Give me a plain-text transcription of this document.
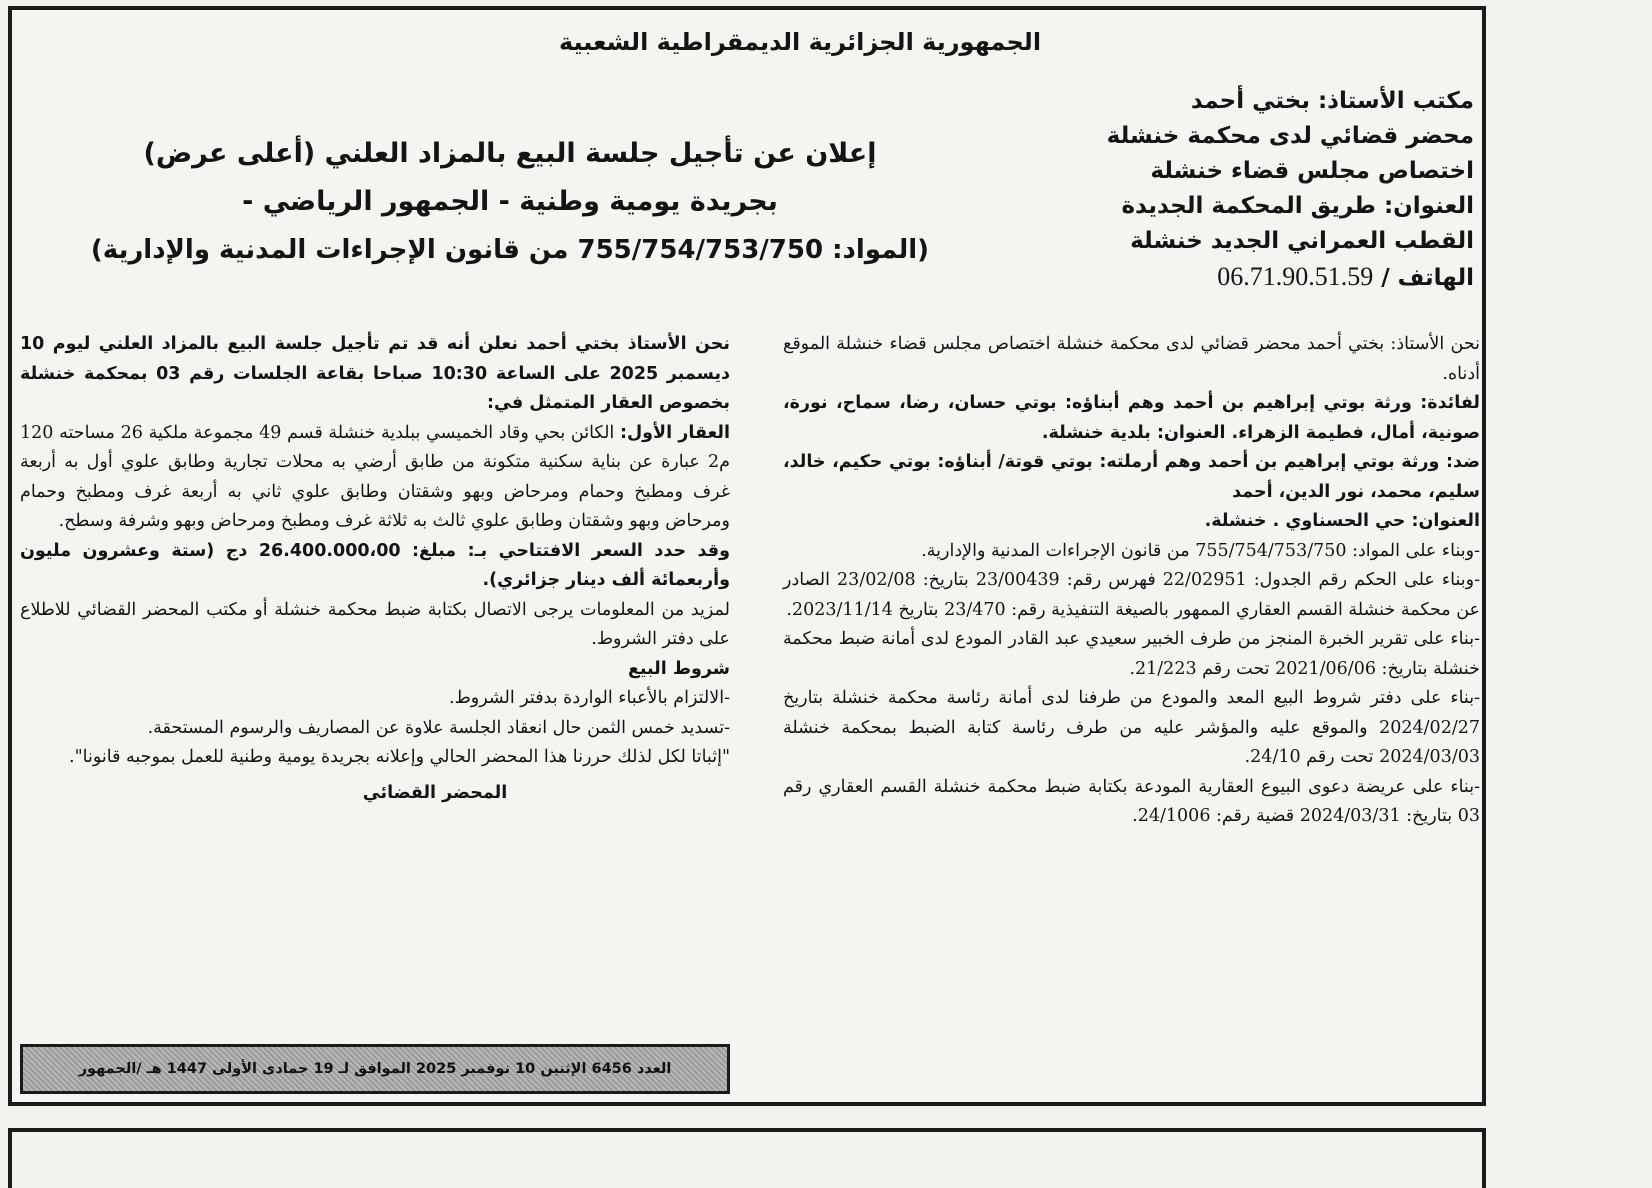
الجمهورية الجزائرية الديمقراطية الشعبية
مكتب الأستاذ: بختي أحمد
محضر قضائي لدى محكمة خنشلة
اختصاص مجلس قضاء خنشلة
العنوان: طريق المحكمة الجديدة
القطب العمراني الجديد خنشلة
الهاتف / 06.71.90.51.59
إعلان عن تأجيل جلسة البيع بالمزاد العلني (أعلى عرض)
بجريدة يومية وطنية - الجمهور الرياضي -
(المواد: 755/754/753/750 من قانون الإجراءات المدنية والإدارية)

نحن الأستاذ: بختي أحمد محضر قضائي لدى محكمة خنشلة اختصاص مجلس قضاء خنشلة الموقع أدناه.

لفائدة: ورثة بوتي إبراهيم بن أحمد وهم أبناؤه: بوتي حسان، رضا، سماح، نورة، صونية، أمال، فطيمة الزهراء. العنوان: بلدية خنشلة.

ضد: ورثة بوتي إبراهيم بن أحمد وهم أرملته: بوتي قوتة/ أبناؤه: بوتي حكيم، خالد، سليم، محمد، نور الدين، أحمد

العنوان: حي الحسناوي . خنشلة.

-وبناء على المواد: 755/754/753/750 من قانون الإجراءات المدنية والإدارية.

-وبناء على الحكم رقم الجدول: 22/02951 فهرس رقم: 23/00439 بتاريخ: 23/02/08 الصادر عن محكمة خنشلة القسم العقاري الممهور بالصيغة التنفيذية رقم: 23/470 بتاريخ 2023/11/14.

-بناء على تقرير الخبرة المنجز من طرف الخبير سعيدي عبد القادر المودع لدى أمانة ضبط محكمة خنشلة بتاريخ: 2021/06/06 تحت رقم 21/223.

-بناء على دفتر شروط البيع المعد والمودع من طرفنا لدى أمانة رئاسة محكمة خنشلة بتاريخ 2024/02/27 والموقع عليه والمؤشر عليه من طرف رئاسة كتابة الضبط بمحكمة خنشلة 2024/03/03 تحت رقم 24/10.

-بناء على عريضة دعوى البيوع العقارية المودعة بكتابة ضبط محكمة خنشلة القسم العقاري رقم 03 بتاريخ: 2024/03/31 قضية رقم: 24/1006.

نحن الأستاذ بختي أحمد نعلن أنه قد تم تأجيل جلسة البيع بالمزاد العلني ليوم 10 ديسمبر 2025 على الساعة 10:30 صباحا بقاعة الجلسات رقم 03 بمحكمة خنشلة بخصوص العقار المتمثل في:

العقار الأول: الكائن بحي وقاد الخميسي ببلدية خنشلة قسم 49 مجموعة ملكية 26 مساحته 120 م2 عبارة عن بناية سكنية متكونة من طابق أرضي به محلات تجارية وطابق علوي أول به أربعة غرف ومطبخ وحمام ومرحاض وبهو وشقتان وطابق علوي ثاني به أربعة غرف ومطبخ وحمام ومرحاض وبهو وشقتان وطابق علوي ثالث به ثلاثة غرف ومطبخ ومرحاض وبهو وشرفة وسطح.

وقد حدد السعر الافتتاحي بـ: مبلغ: 26.400.000،00 دج (ستة وعشرون مليون وأربعمائة ألف دينار جزائري).

لمزيد من المعلومات يرجى الاتصال بكتابة ضبط محكمة خنشلة أو مكتب المحضر القضائي للاطلاع على دفتر الشروط.

شروط البيع

-الالتزام بالأعباء الواردة بدفتر الشروط.

-تسديد خمس الثمن حال انعقاد الجلسة علاوة عن المصاريف والرسوم المستحقة.

"إثباتا لكل لذلك حررنا هذا المحضر الحالي وإعلانه بجريدة يومية وطنية للعمل بموجبه قانونا".

المحضر القضائي

العدد 6456 الإثنين 10 نوفمبر 2025 الموافق لـ 19 جمادى الأولى 1447 هـ /الجمهور
